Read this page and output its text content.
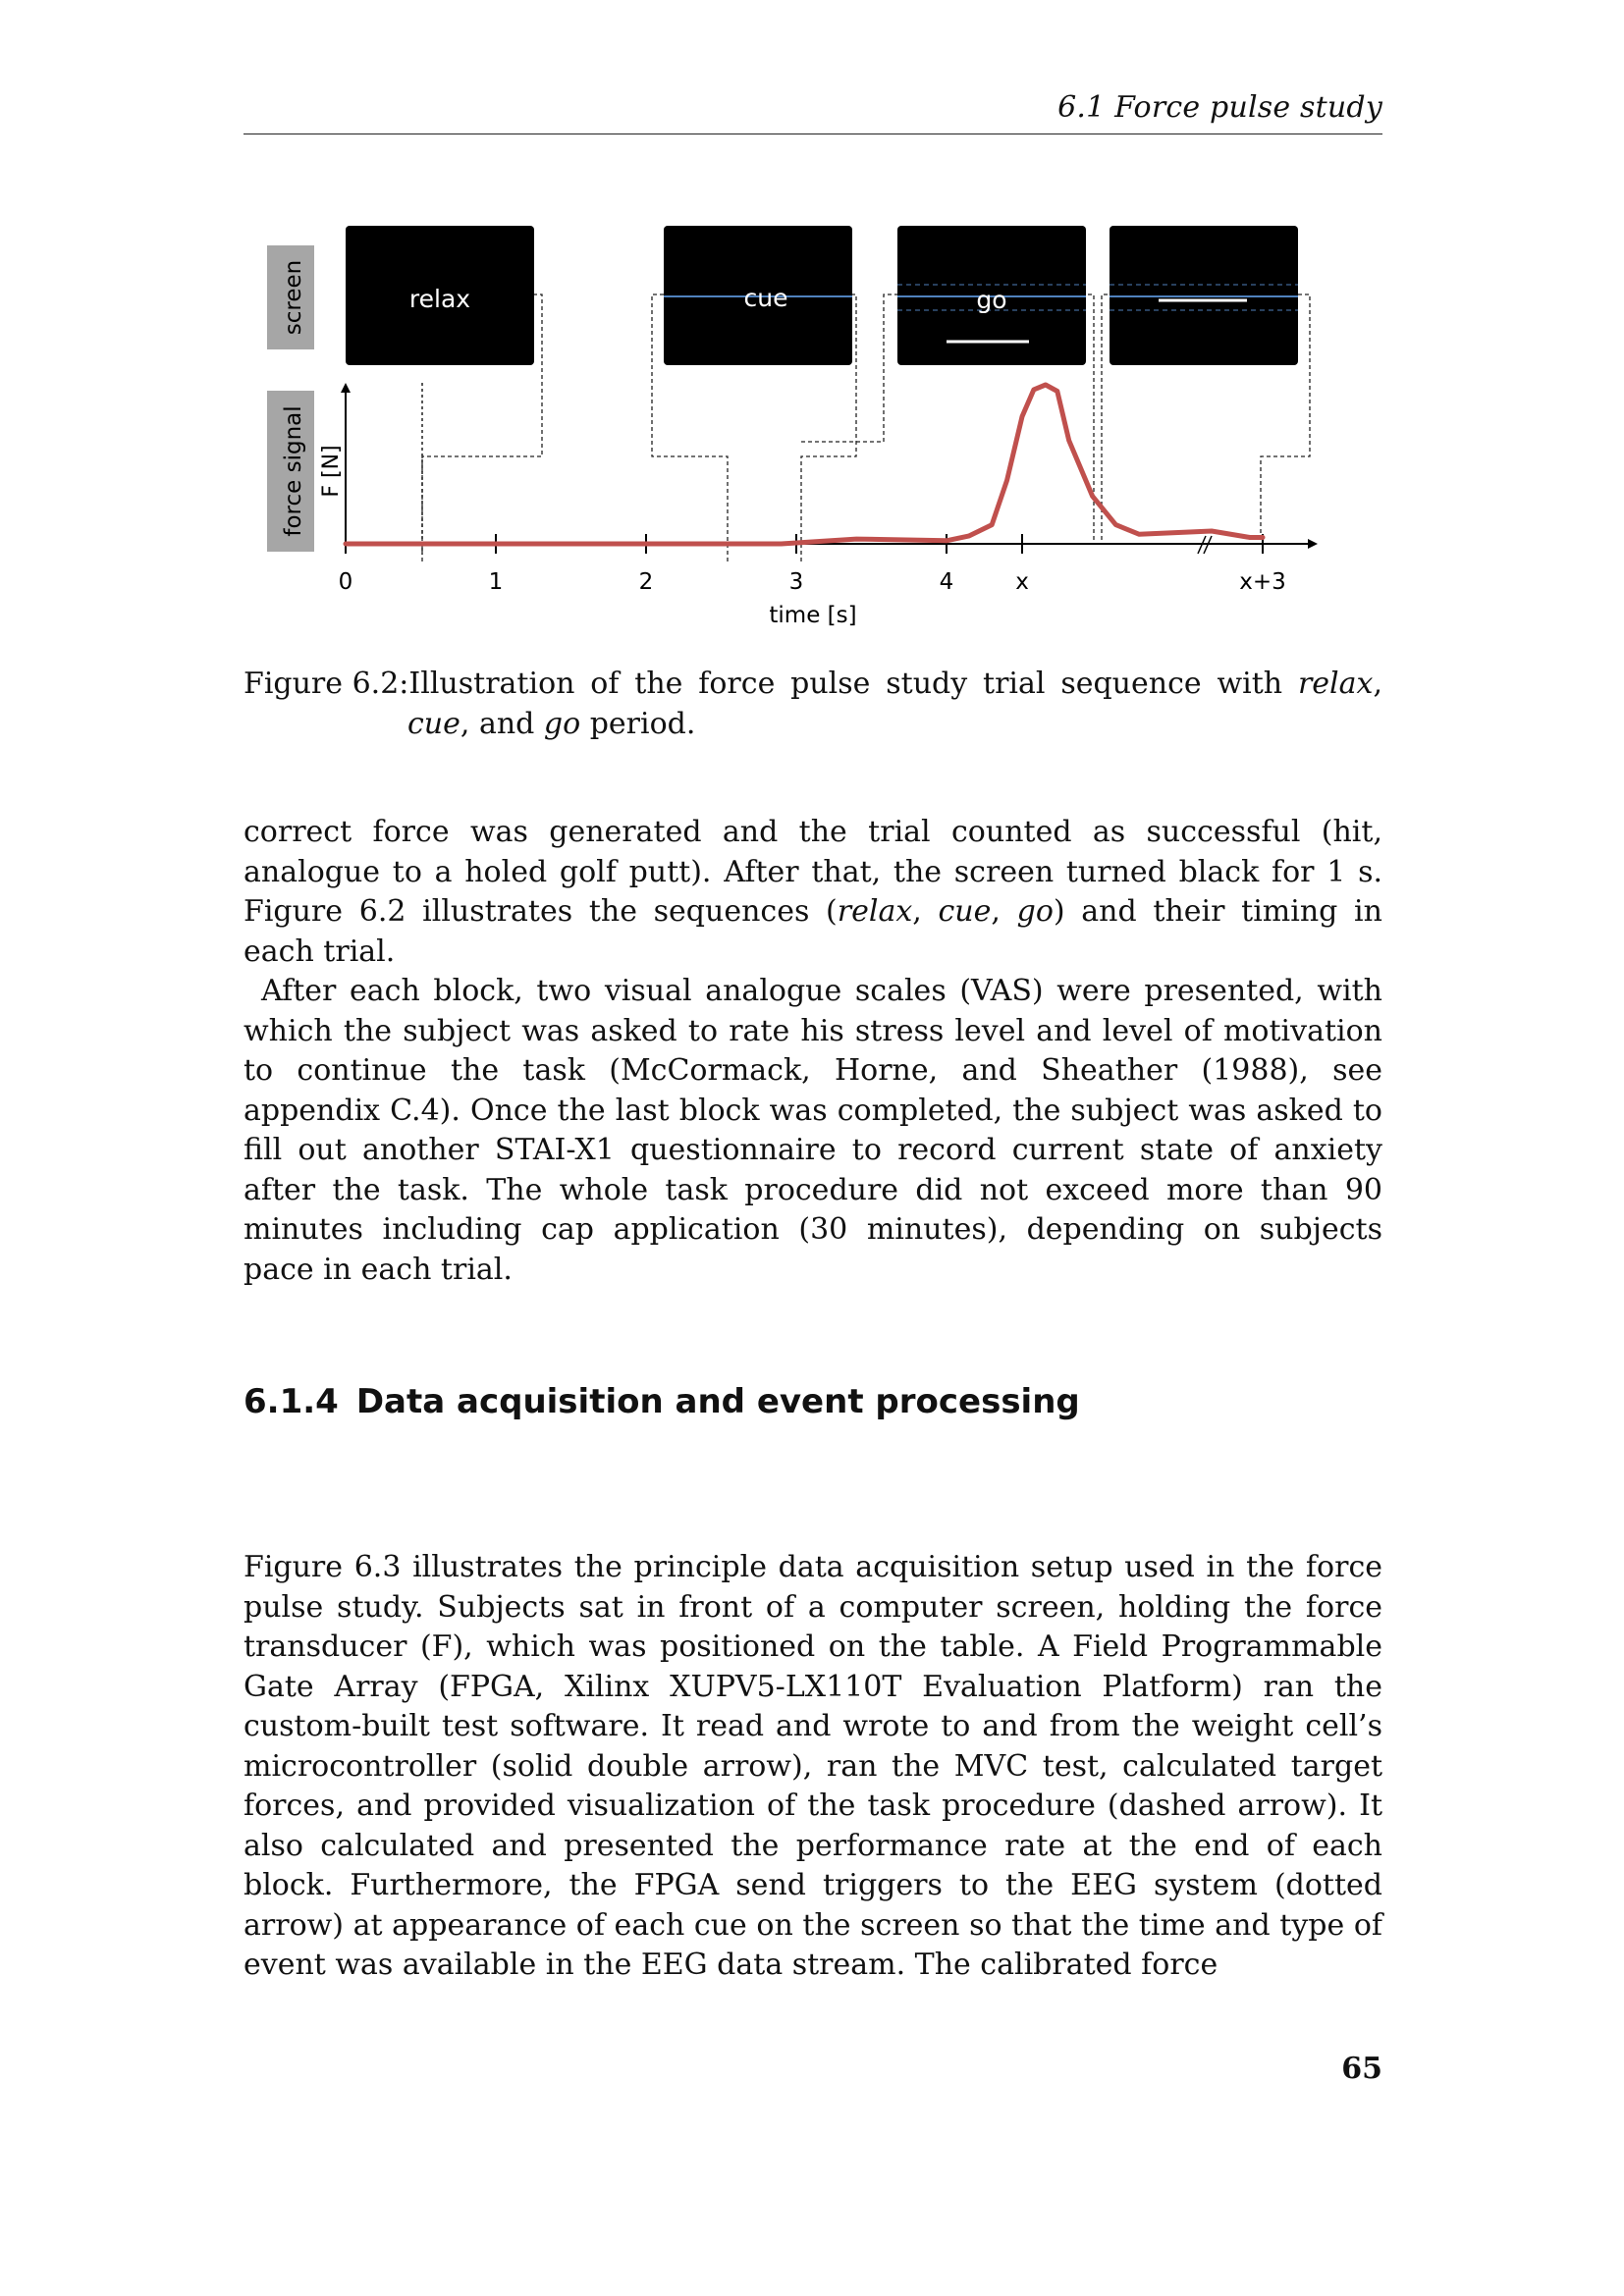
6.1 Force pulse study
screen
force signal F [N]
relax	cue	go
0	1	2	3	4	x	x+3
time [s]
Figure 6.2: Illustration of the force pulse study trial sequence with relax, cue, and go period.

correct force was generated and the trial counted as successful (hit, analogue to a holed golf putt). After that, the screen turned black for 1 s. Figure 6.2 illustrates the sequences (relax, cue, go) and their timing in each trial.

After each block, two visual analogue scales (VAS) were presented, with which the subject was asked to rate his stress level and level of motivation to continue the task (McCormack, Horne, and Sheather (1988), see appendix C.4). Once the last block was completed, the subject was asked to fill out another STAI-X1 questionnaire to record current state of anxiety after the task. The whole task procedure did not exceed more than 90 minutes including cap application (30 minutes), depending on subjects pace in each trial.

6.1.4 Data acquisition and event processing

Figure 6.3 illustrates the principle data acquisition setup used in the force pulse study. Subjects sat in front of a computer screen, holding the force transducer (F), which was positioned on the table. A Field Programmable Gate Array (FPGA, Xilinx XUPV5-LX110T Evaluation Platform) ran the custom-built test software. It read and wrote to and from the weight cell’s microcontroller (solid double arrow), ran the MVC test, calculated target forces, and provided visualization of the task procedure (dashed arrow). It also calculated and presented the performance rate at the end of each block. Furthermore, the FPGA send triggers to the EEG system (dotted arrow) at appearance of each cue on the screen so that the time and type of event was available in the EEG data stream. The calibrated force

65
